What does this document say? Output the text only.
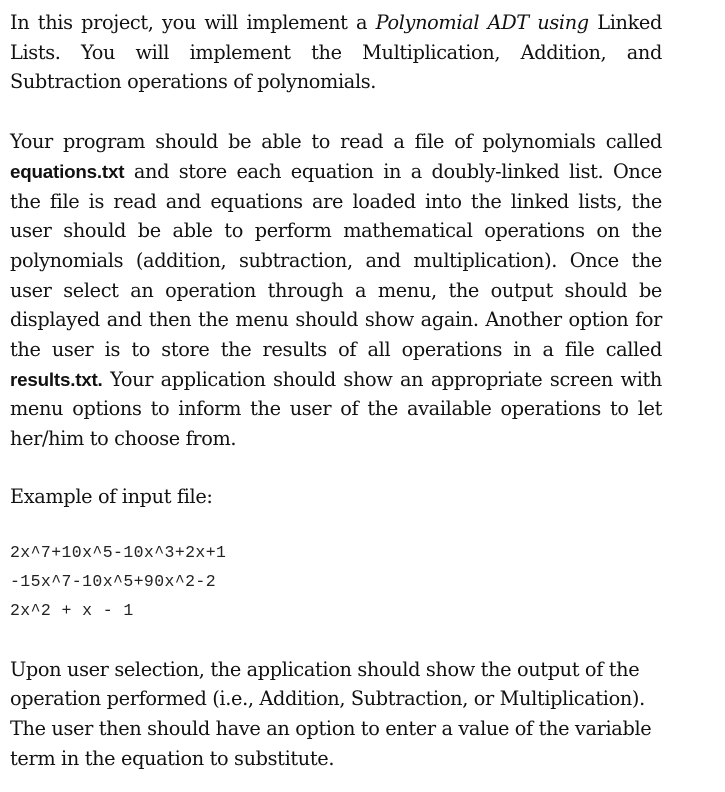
In this project, you will implement a Polynomial ADT using Linked Lists. You will implement the Multiplication, Addition, and Subtraction operations of polynomials.

Your program should be able to read a file of polynomials called equations.txt and store each equation in a doubly-linked list. Once the file is read and equations are loaded into the linked lists, the user should be able to perform mathematical operations on the polynomials (addition, subtraction, and multiplication). Once the user select an operation through a menu, the output should be displayed and then the menu should show again. Another option for the user is to store the results of all operations in a file called results.txt. Your application should show an appropriate screen with menu options to inform the user of the available operations to let her/him to choose from.

Example of input file:

2x^7+10x^5-10x^3+2x+1

-15x^7-10x^5+90x^2-2

2x^2 + x - 1

Upon user selection, the application should show the output of the operation performed (i.e., Addition, Subtraction, or Multiplication). The user then should have an option to enter a value of the variable term in the equation to substitute.
